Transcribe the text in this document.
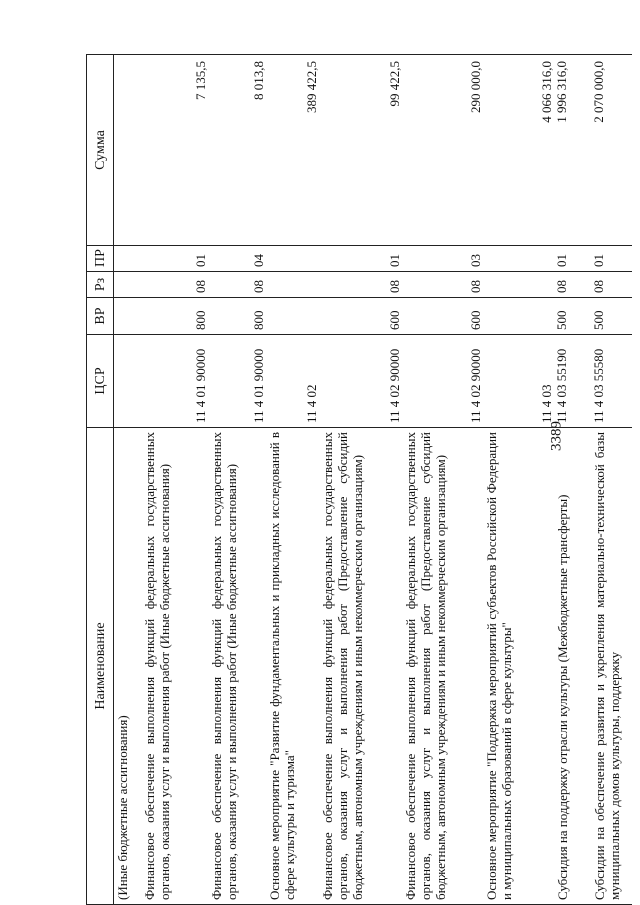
3389
Наименование	ЦСР	ВР	Рз	ПР	Сумма
(Иные бюджетные ассигнования)					
Финансовое обеспечение выполнения функций федеральных государственных органов, оказания услуг и выполнения работ (Иные бюджетные ассигнования)	11 4 01 90000	800	08	01	7 135,5
Финансовое обеспечение выполнения функций федеральных государственных органов, оказания услуг и выполнения работ (Иные бюджетные ассигнования)	11 4 01 90000	800	08	04	8 013,8
Основное мероприятие "Развитие фундаментальных и прикладных исследований в сфере культуры и туризма"	11 4 02				389 422,5
Финансовое обеспечение выполнения функций федеральных государственных органов, оказания услуг и выполнения работ (Предоставление субсидий бюджетным, автономным учреждениям и иным некоммерческим организациям)	11 4 02 90000	600	08	01	99 422,5
Финансовое обеспечение выполнения функций федеральных государственных органов, оказания услуг и выполнения работ (Предоставление субсидий бюджетным, автономным учреждениям и иным некоммерческим организациям)	11 4 02 90000	600	08	03	290 000,0
Основное мероприятие "Поддержка мероприятий субъектов Российской Федерации и муниципальных образований в сфере культуры"	11 4 03				4 066 316,0
Субсидия на поддержку отрасли культуры (Межбюджетные трансферты)	11 4 03 55190	500	08	01	1 996 316,0
Субсидии на обеспечение развития и укрепления материально-технической базы муниципальных домов культуры, поддержку	11 4 03 55580	500	08	01	2 070 000,0
